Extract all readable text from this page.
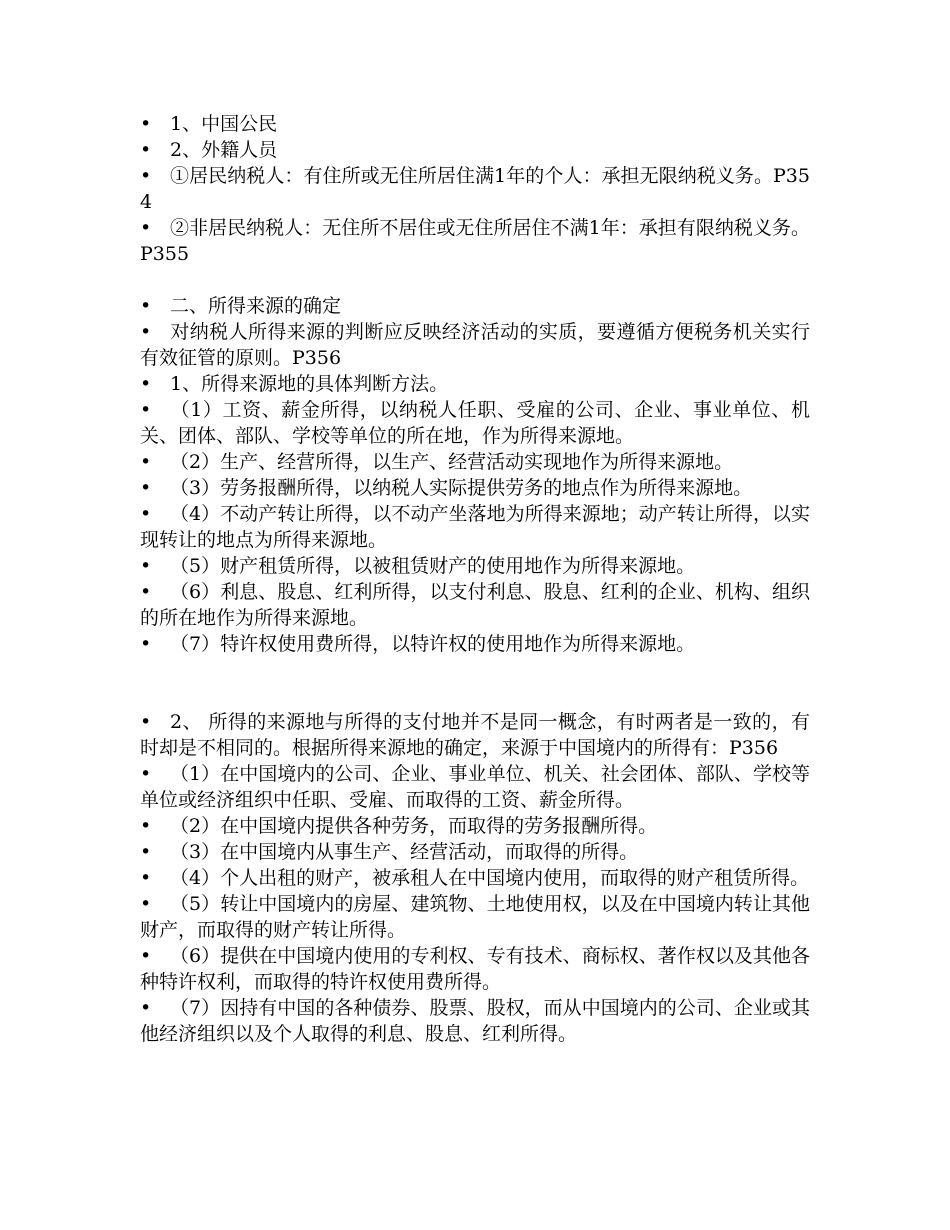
• 1、中国公民

• 2、外籍人员

• ①居民纳税人：有住所或无住所居住满1年的个人：承担无限纳税义务。P354

• ②非居民纳税人：无住所不居住或无住所居住不满1年：承担有限纳税义务。P355

• 二、所得来源的确定

• 对纳税人所得来源的判断应反映经济活动的实质，要遵循方便税务机关实行有效征管的原则。P356

• 1、所得来源地的具体判断方法。

• （1）工资、薪金所得，以纳税人任职、受雇的公司、企业、事业单位、机关、团体、部队、学校等单位的所在地，作为所得来源地。

• （2）生产、经营所得，以生产、经营活动实现地作为所得来源地。

• （3）劳务报酬所得，以纳税人实际提供劳务的地点作为所得来源地。

• （4）不动产转让所得，以不动产坐落地为所得来源地；动产转让所得，以实现转让的地点为所得来源地。

• （5）财产租赁所得，以被租赁财产的使用地作为所得来源地。

• （6）利息、股息、红利所得，以支付利息、股息、红利的企业、机构、组织的所在地作为所得来源地。

• （7）特许权使用费所得，以特许权的使用地作为所得来源地。

• 2、 所得的来源地与所得的支付地并不是同一概念，有时两者是一致的，有时却是不相同的。根据所得来源地的确定，来源于中国境内的所得有：P356

• （1）在中国境内的公司、企业、事业单位、机关、社会团体、部队、学校等单位或经济组织中任职、受雇、而取得的工资、薪金所得。

• （2）在中国境内提供各种劳务，而取得的劳务报酬所得。

• （3）在中国境内从事生产、经营活动，而取得的所得。

• （4）个人出租的财产，被承租人在中国境内使用，而取得的财产租赁所得。

• （5）转让中国境内的房屋、建筑物、土地使用权，以及在中国境内转让其他财产，而取得的财产转让所得。

• （6）提供在中国境内使用的专利权、专有技术、商标权、著作权以及其他各种特许权利，而取得的特许权使用费所得。

• （7）因持有中国的各种债券、股票、股权，而从中国境内的公司、企业或其他经济组织以及个人取得的利息、股息、红利所得。
